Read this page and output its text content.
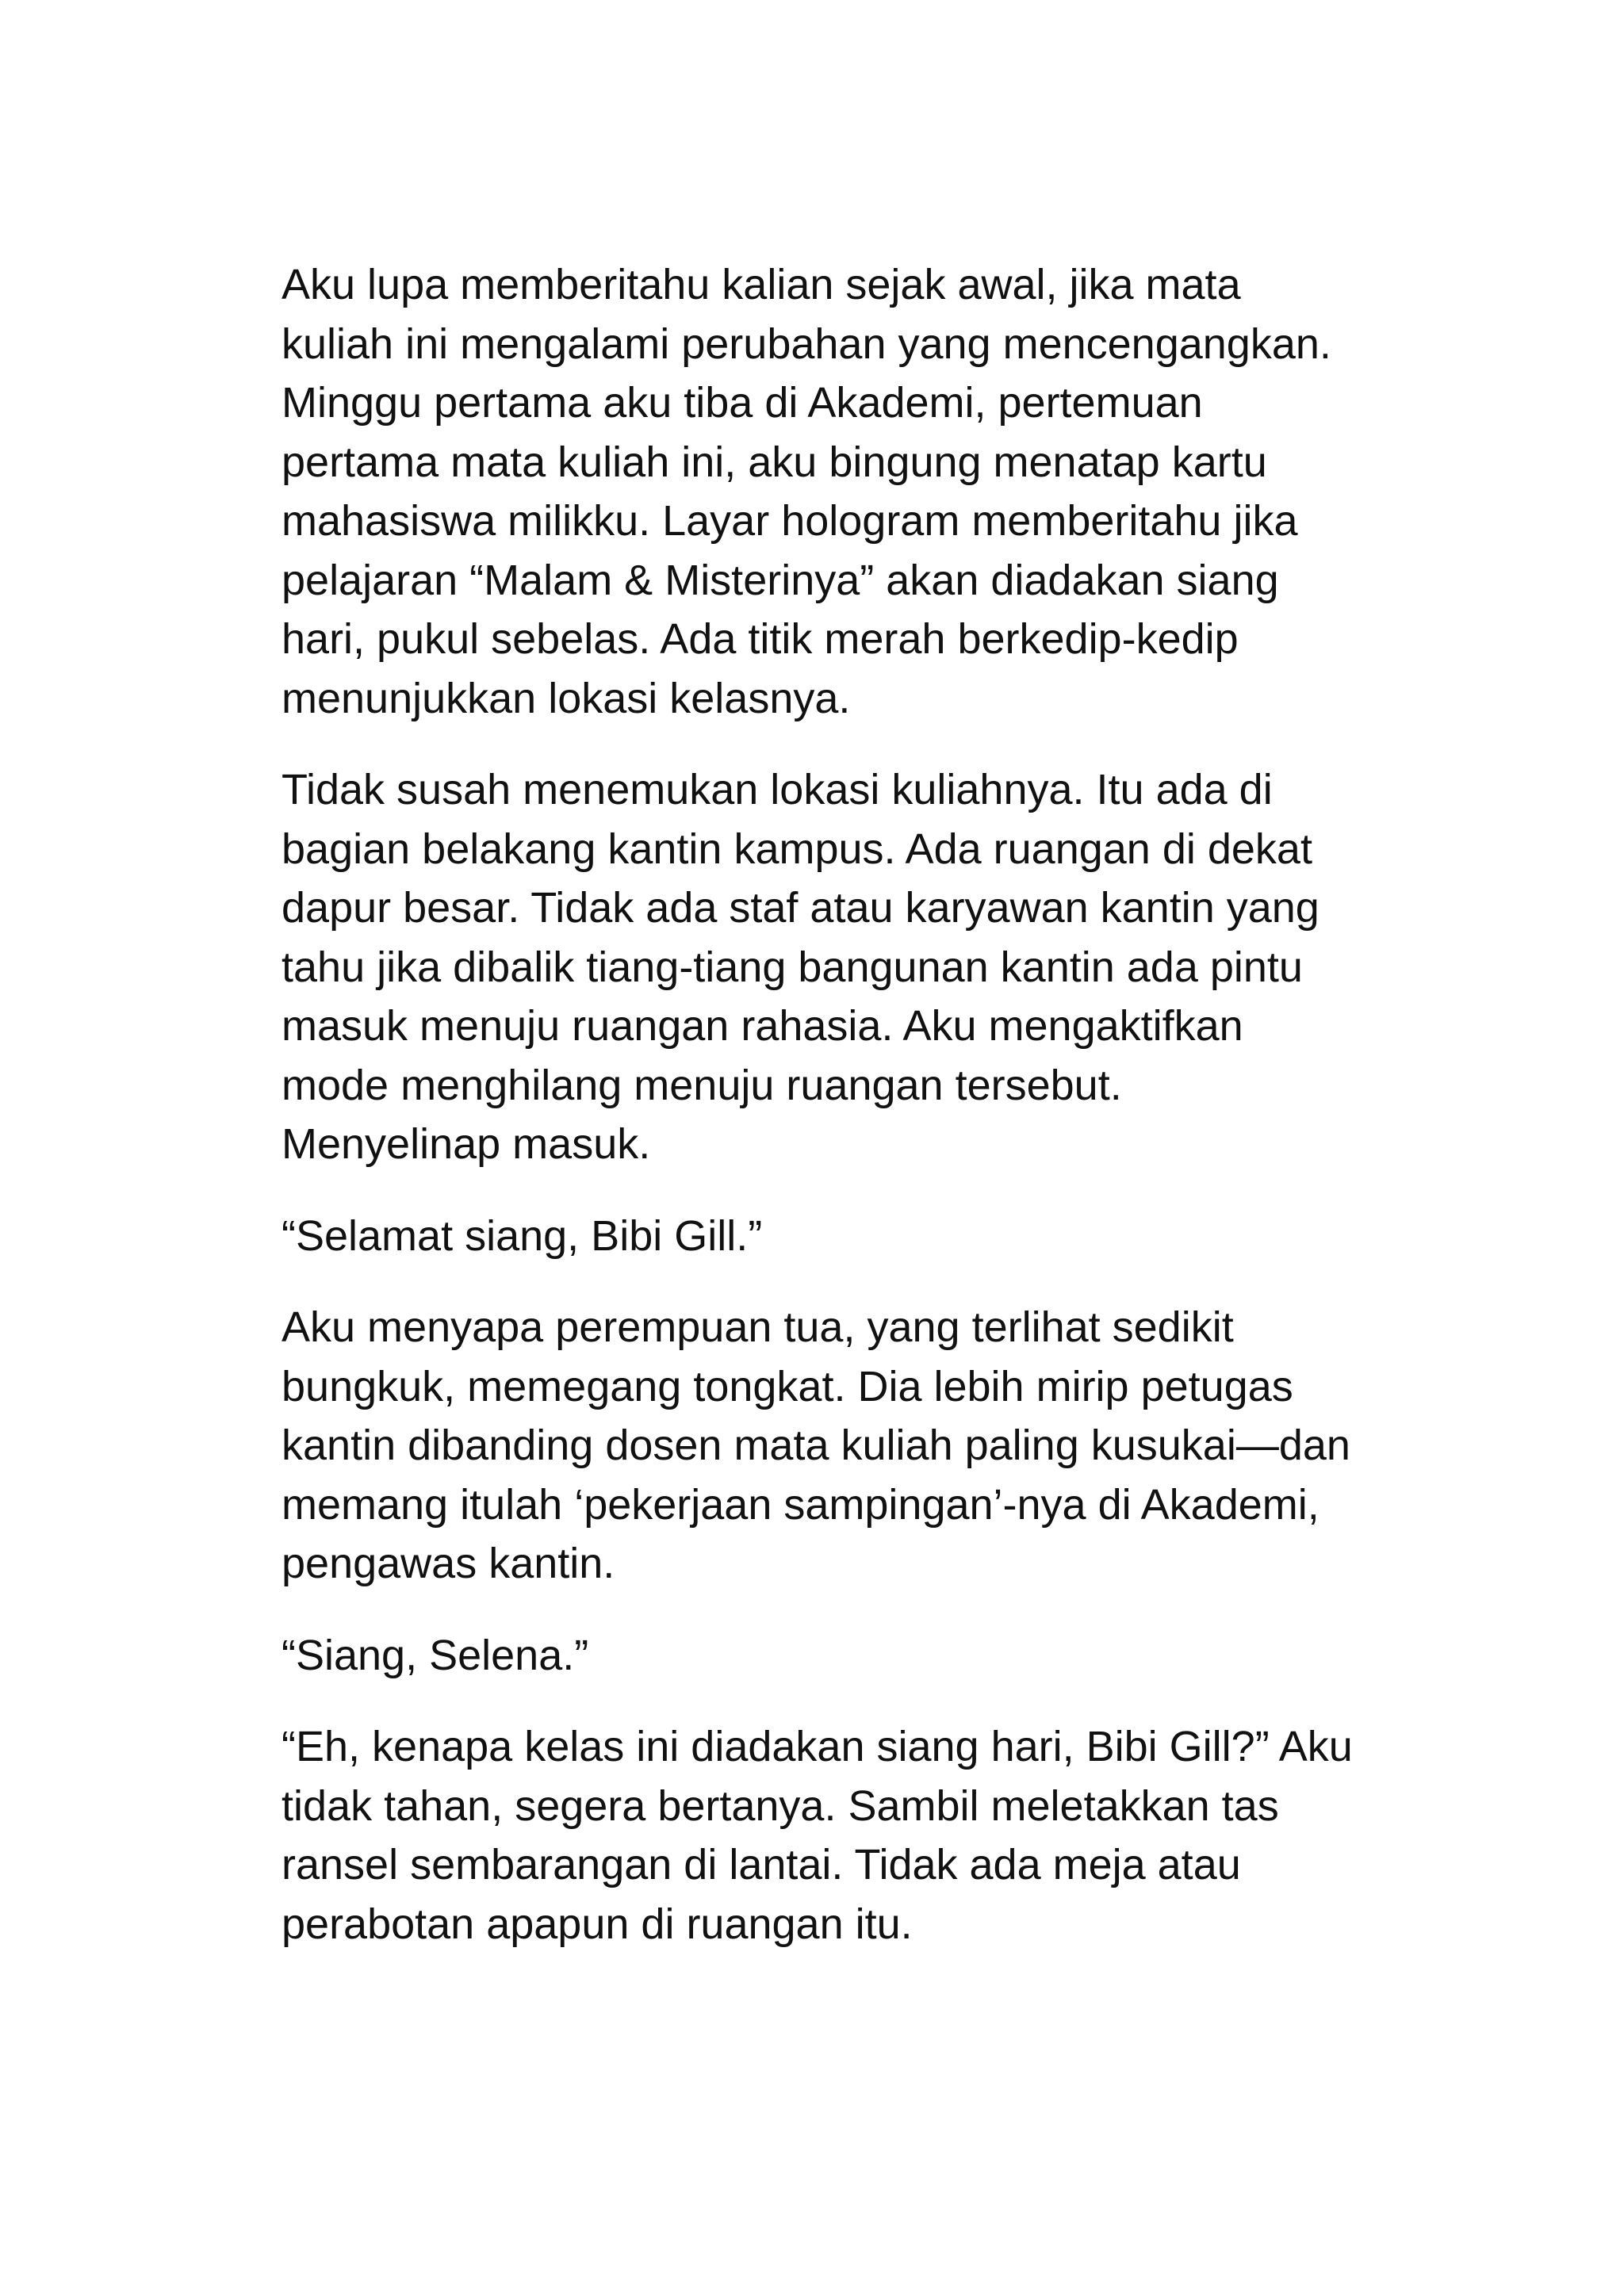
Aku lupa memberitahu kalian sejak awal, jika mata
kuliah ini mengalami perubahan yang mencengangkan.
Minggu pertama aku tiba di Akademi, pertemuan
pertama mata kuliah ini, aku bingung menatap kartu
mahasiswa milikku. Layar hologram memberitahu jika
pelajaran “Malam & Misterinya” akan diadakan siang
hari, pukul sebelas. Ada titik merah berkedip-kedip
menunjukkan lokasi kelasnya.
Tidak susah menemukan lokasi kuliahnya. Itu ada di
bagian belakang kantin kampus. Ada ruangan di dekat
dapur besar. Tidak ada staf atau karyawan kantin yang
tahu jika dibalik tiang-tiang bangunan kantin ada pintu
masuk menuju ruangan rahasia. Aku mengaktifkan
mode menghilang menuju ruangan tersebut.
Menyelinap masuk.
“Selamat siang, Bibi Gill.”
Aku menyapa perempuan tua, yang terlihat sedikit
bungkuk, memegang tongkat. Dia lebih mirip petugas
kantin dibanding dosen mata kuliah paling kusukai—dan
memang itulah ‘pekerjaan sampingan’-nya di Akademi,
pengawas kantin.
“Siang, Selena.”
“Eh, kenapa kelas ini diadakan siang hari, Bibi Gill?” Aku
tidak tahan, segera bertanya. Sambil meletakkan tas
ransel sembarangan di lantai. Tidak ada meja atau
perabotan apapun di ruangan itu.
